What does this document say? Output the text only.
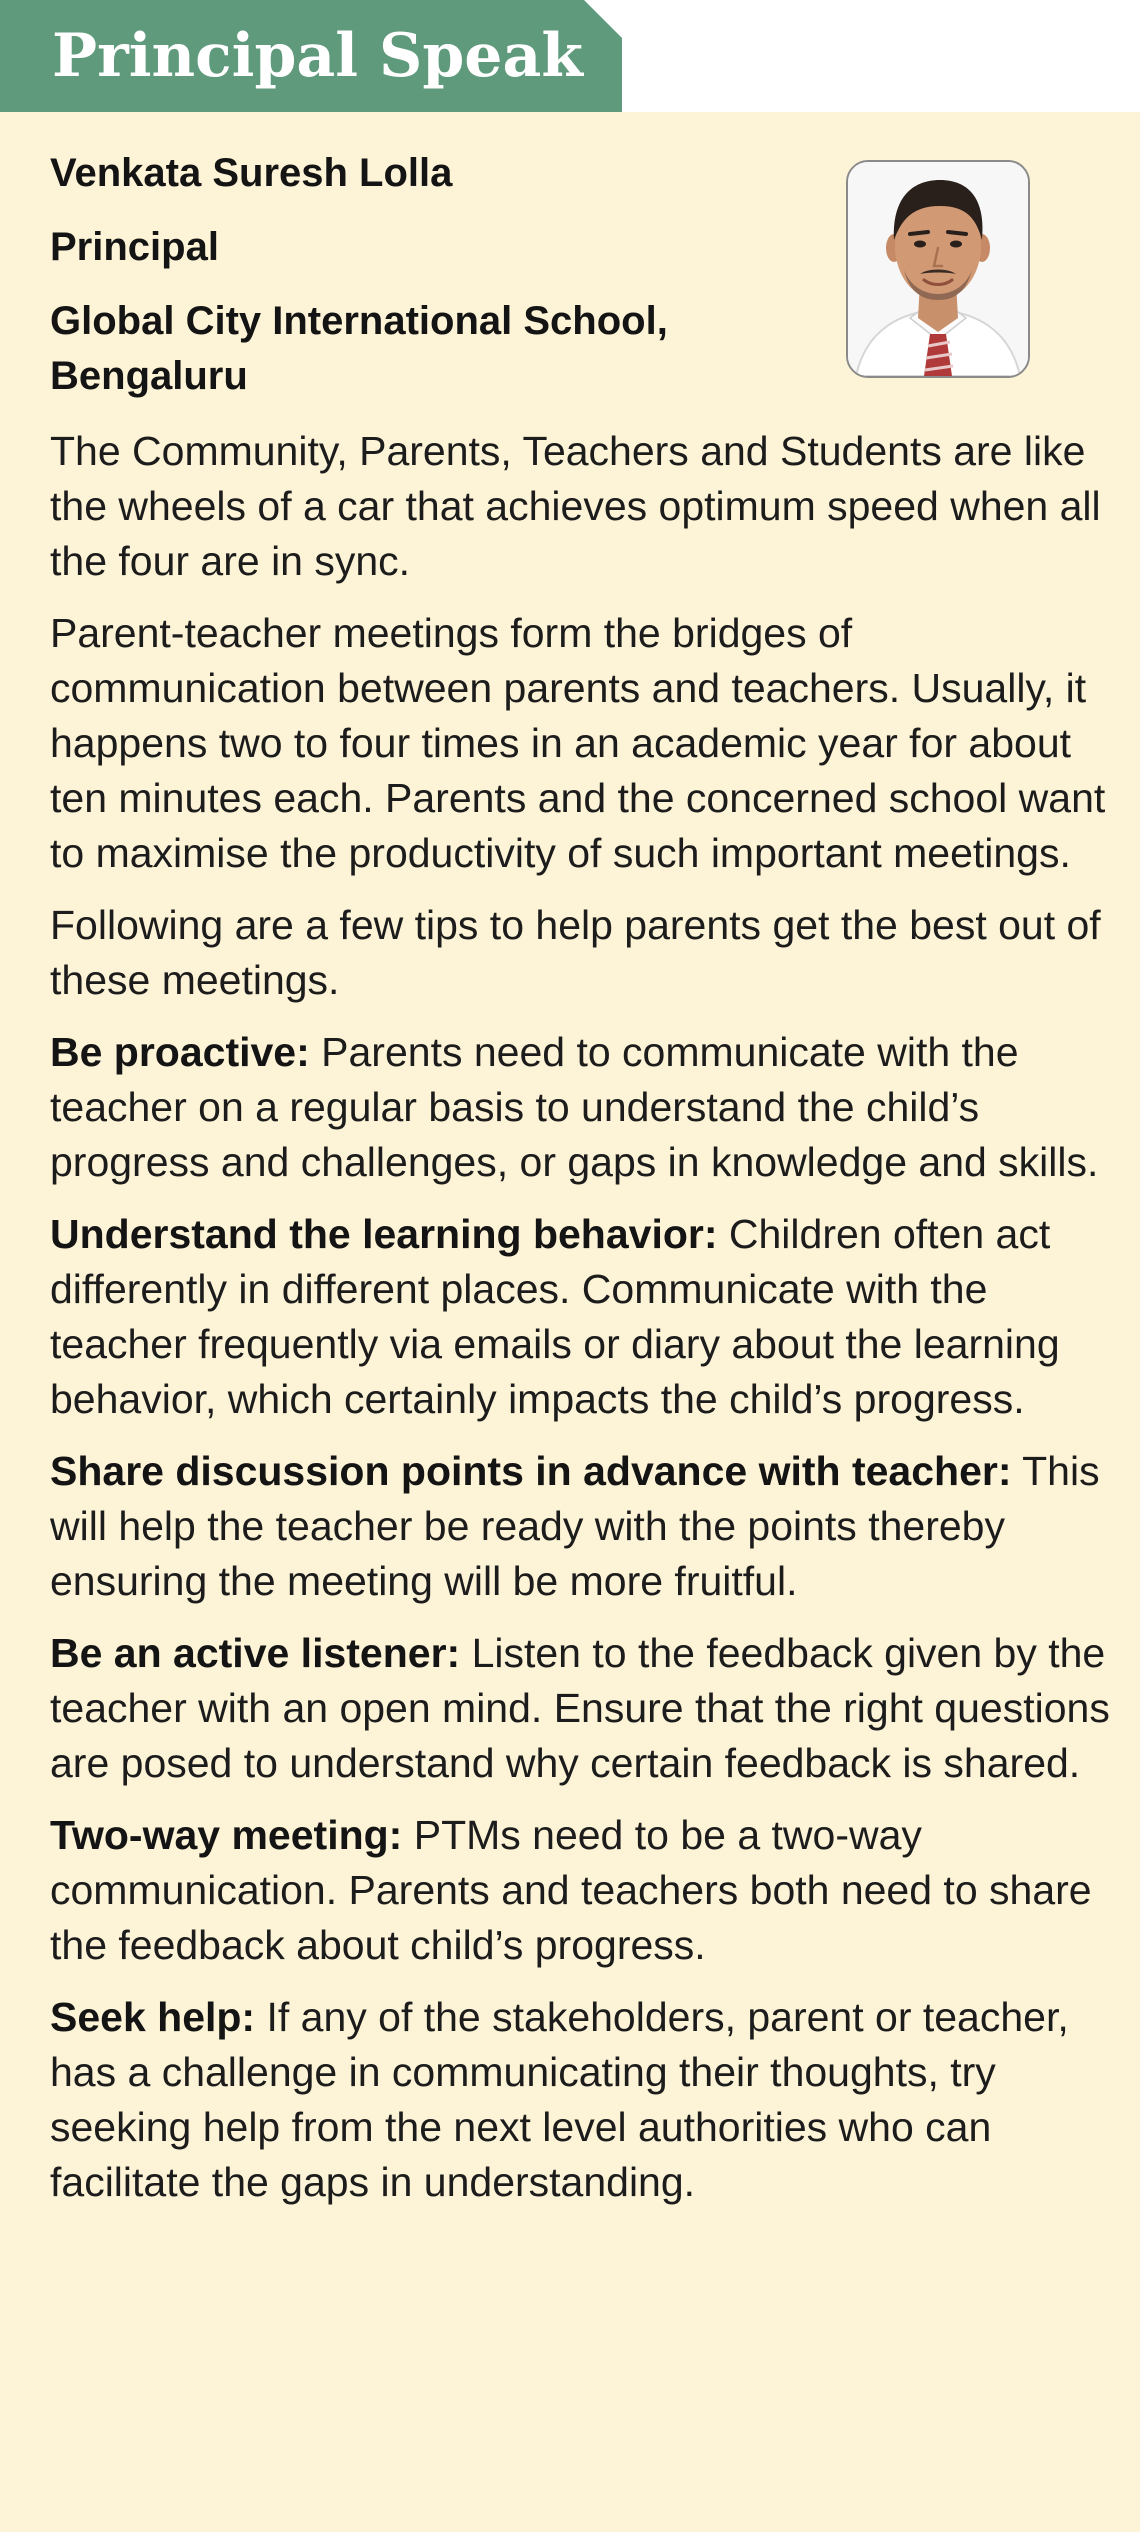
Principal Speak
Venkata Suresh Lolla
Principal
Global City International School, Bengaluru

The Community, Parents, Teachers and Students are like the wheels of a car that achieves optimum speed when all the four are in sync.

Parent-teacher meetings form the bridges of communication between parents and teachers. Usually, it happens two to four times in an academic year for about ten minutes each. Parents and the concerned school want to maximise the productivity of such important meetings.

Following are a few tips to help parents get the best out of these meetings.

Be proactive: Parents need to communicate with the teacher on a regular basis to understand the child’s progress and challenges, or gaps in knowledge and skills.

Understand the learning behavior: Children often act differently in different places. Communicate with the teacher frequently via emails or diary about the learning behavior, which certainly impacts the child’s progress.

Share discussion points in advance with teacher: This will help the teacher be ready with the points thereby ensuring the meeting will be more fruitful.

Be an active listener: Listen to the feedback given by the teacher with an open mind. Ensure that the right questions are posed to understand why certain feedback is shared.

Two-way meeting: PTMs need to be a two-way communication. Parents and teachers both need to share the feedback about child’s progress.

Seek help: If any of the stakeholders, parent or teacher, has a challenge in communicating their thoughts, try seeking help from the next level authorities who can facilitate the gaps in understanding.
